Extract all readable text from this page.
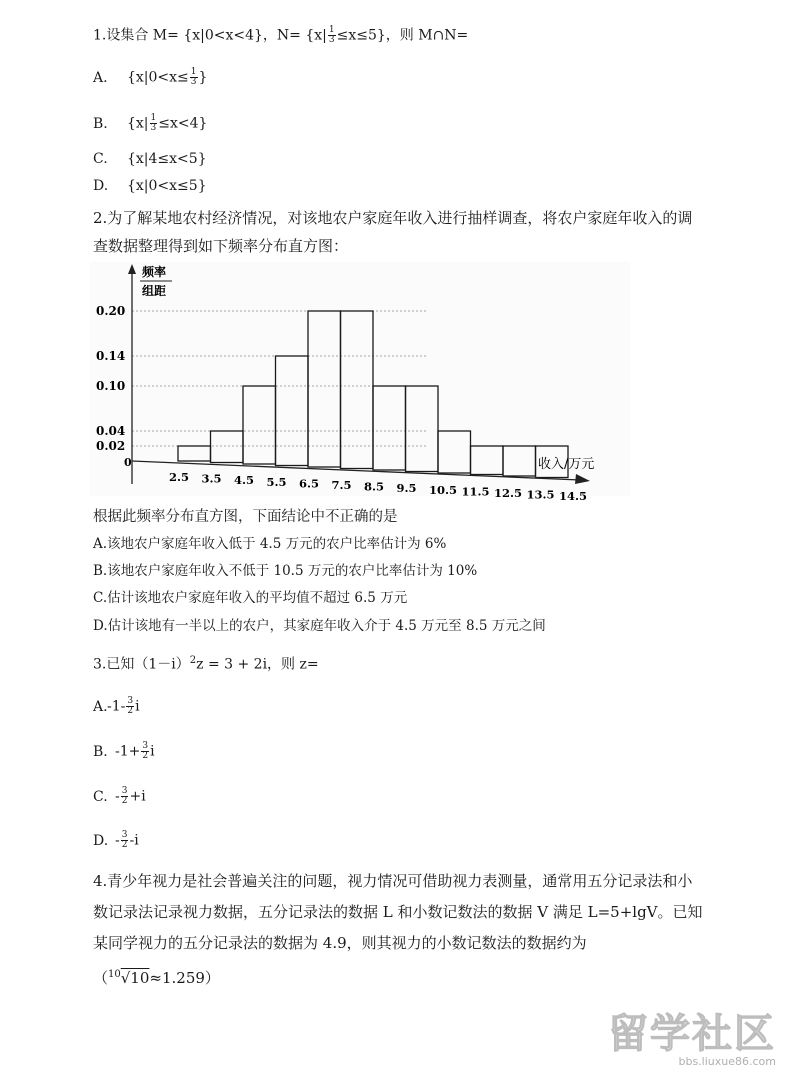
1.设集合 M= {x|0<x<4}，$N= \{x| \frac{1}{3} \le x\le 5\}$，则 M∩N=
A. {$x|0<x\le \frac{1}{3}$ }
B. $\{x| \frac{1}{3} \le x<4\}$
C. {x|4≤x<5}
D. {x|0<x≤5}
2.为了解某地农村经济情况，对该地农户家庭年收入进行抽样调查，将农户家庭年收入的调查数据整理得到如下频率分布直方图：
0.02
0.04
0.10
0.14
0.20
2.5 3.5 4.5 5.5 6.5 7.5 8.5 9.5 10.5 11.5 12.5 13.5 14.5
频率
组距
收入/万元
0
根据此频率分布直方图，下面结论中不正确的是
A.该地农户家庭年收入低于 4.5 万元的农户比率估计为 6%
B.该地农户家庭年收入不低于 10.5 万元的农户比率估计为 10%
C.估计该地农户家庭年收入的平均值不超过 6.5 万元
D.估计该地有一半以上的农户，其家庭年收入介于 4.5 万元至 8.5 万元之间
3.已知$(1-i)^2z = 3 + 2i$，则 z=
$A.-1- \frac{3}{2}$ i
B. $-1+ \frac{3}{2}$ i
C. - $\frac{3}{2} +i$
D. - $\frac{3}{2} -i$
4.青少年视力是社会普遍关注的问题，视力情况可借助视力表测量，通常用五分记录法和小数记录法记录视力数据，五分记录法的数据 L 和小数记数法的数据 V 满足 L=5+lgV。已知某同学视力的五分记录法的数据为 4.9，则其视力的小数记数法的数据约为（$^{10}$√10≈1.259）
留学社区
bbs.liuxue86.com
